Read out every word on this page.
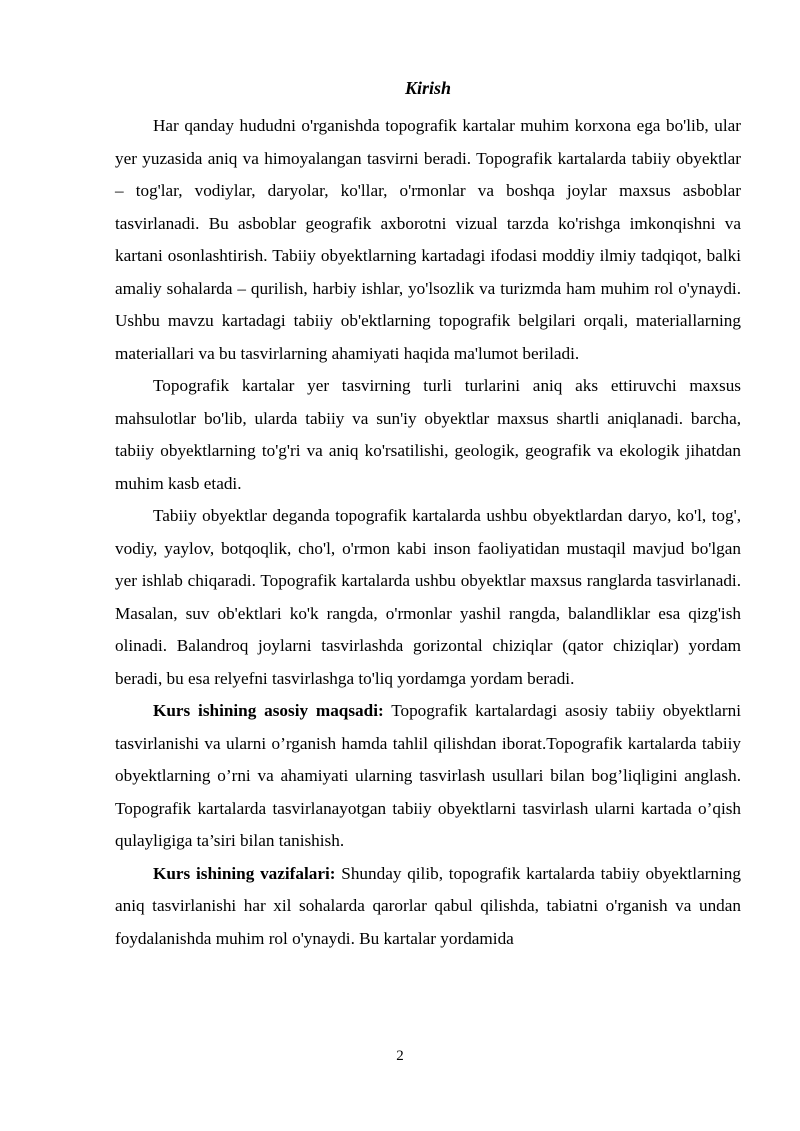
Kirish

Har qanday hududni o'rganishda topografik kartalar muhim korxona ega bo'lib, ular yer yuzasida aniq va himoyalangan tasvirni beradi. Topografik kartalarda tabiiy obyektlar – tog'lar, vodiylar, daryolar, ko'llar, o'rmonlar va boshqa joylar maxsus asboblar tasvirlanadi. Bu asboblar geografik axborotni vizual tarzda ko'rishga imkonqishni va kartani osonlashtirish. Tabiiy obyektlarning kartadagi ifodasi moddiy ilmiy tadqiqot, balki amaliy sohalarda – qurilish, harbiy ishlar, yo'lsozlik va turizmda ham muhim rol o'ynaydi. Ushbu mavzu kartadagi tabiiy ob'ektlarning topografik belgilari orqali, materiallarning materiallari va bu tasvirlarning ahamiyati haqida ma'lumot beriladi.

Topografik kartalar yer tasvirning turli turlarini aniq aks ettiruvchi maxsus mahsulotlar bo'lib, ularda tabiiy va sun'iy obyektlar maxsus shartli aniqlanadi. barcha, tabiiy obyektlarning to'g'ri va aniq ko'rsatilishi, geologik, geografik va ekologik jihatdan muhim kasb etadi.

Tabiiy obyektlar deganda topografik kartalarda ushbu obyektlardan daryo, ko'l, tog', vodiy, yaylov, botqoqlik, cho'l, o'rmon kabi inson faoliyatidan mustaqil mavjud bo'lgan yer ishlab chiqaradi. Topografik kartalarda ushbu obyektlar maxsus ranglarda tasvirlanadi. Masalan, suv ob'ektlari ko'k rangda, o'rmonlar yashil rangda, balandliklar esa qizg'ish olinadi. Balandroq joylarni tasvirlashda gorizontal chiziqlar (qator chiziqlar) yordam beradi, bu esa relyefni tasvirlashga to'liq yordamga yordam beradi.

Kurs ishining asosiy maqsadi: Topografik kartalardagi asosiy tabiiy obyektlarni tasvirlanishi va ularni o’rganish hamda tahlil qilishdan iborat.Topografik kartalarda tabiiy obyektlarning o’rni va ahamiyati ularning tasvirlash usullari bilan bog’liqligini anglash. Topografik kartalarda tasvirlanayotgan tabiiy obyektlarni tasvirlash ularni kartada o’qish qulayligiga ta’siri bilan tanishish.

Kurs ishining vazifalari: Shunday qilib, topografik kartalarda tabiiy obyektlarning aniq tasvirlanishi har xil sohalarda qarorlar qabul qilishda, tabiatni o'rganish va undan foydalanishda muhim rol o'ynaydi. Bu kartalar yordamida

2
